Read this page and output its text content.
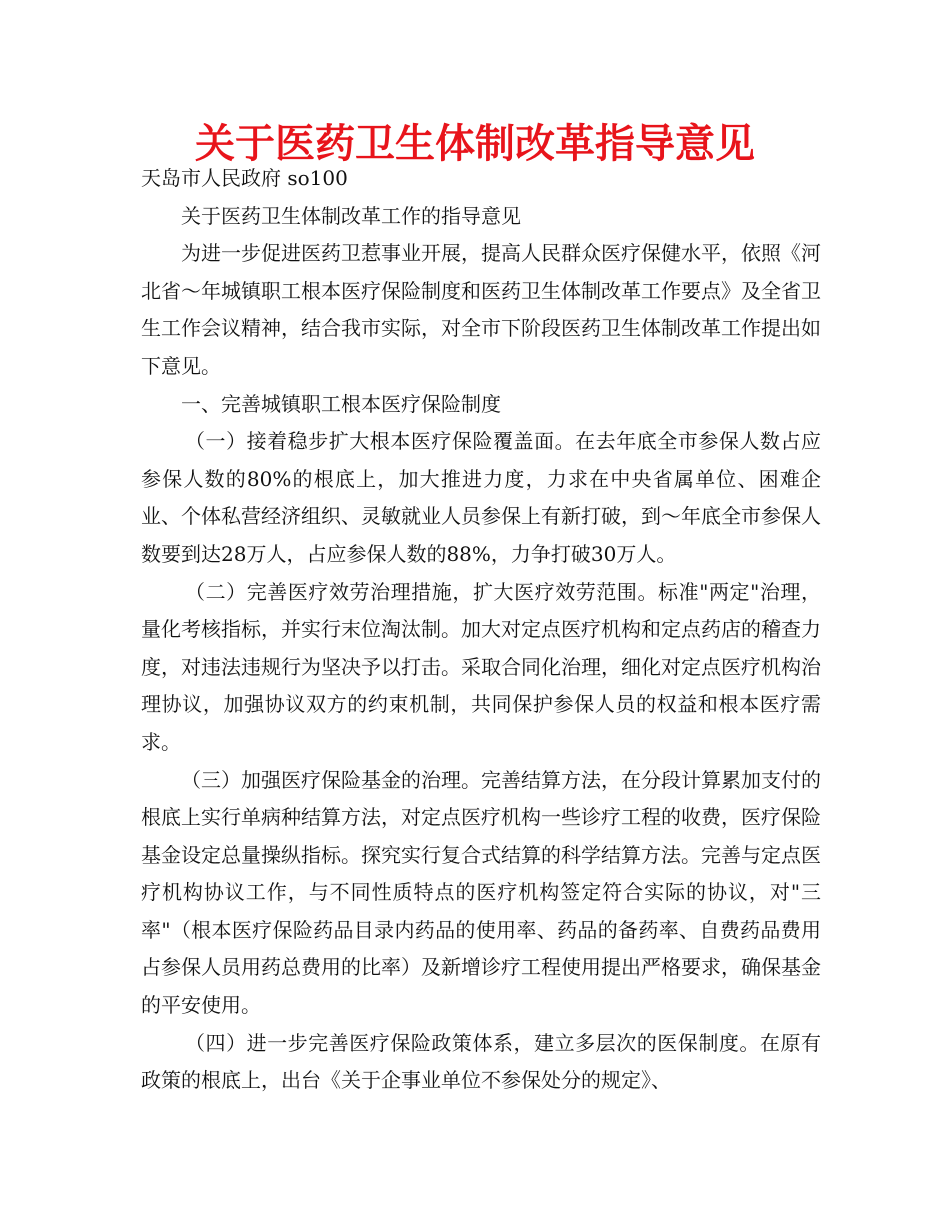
关于医药卫生体制改革指导意见

天岛市人民政府 so100

关于医药卫生体制改革工作的指导意见

为进一步促进医药卫惹事业开展，提高人民群众医疗保健水平，依照《河北省～年城镇职工根本医疗保险制度和医药卫生体制改革工作要点》及全省卫生工作会议精神，结合我市实际，对全市下阶段医药卫生体制改革工作提出如下意见。

一、完善城镇职工根本医疗保险制度

（一）接着稳步扩大根本医疗保险覆盖面。在去年底全市参保人数占应参保人数的80%的根底上，加大推进力度，力求在中央省属单位、困难企业、个体私营经济组织、灵敏就业人员参保上有新打破，到～年底全市参保人数要到达28万人，占应参保人数的88%，力争打破30万人。

（二）完善医疗效劳治理措施，扩大医疗效劳范围。标准"两定"治理，量化考核指标，并实行末位淘汰制。加大对定点医疗机构和定点药店的稽查力度，对违法违规行为坚决予以打击。采取合同化治理，细化对定点医疗机构治理协议，加强协议双方的约束机制，共同保护参保人员的权益和根本医疗需求。

（三）加强医疗保险基金的治理。完善结算方法，在分段计算累加支付的根底上实行单病种结算方法，对定点医疗机构一些诊疗工程的收费，医疗保险基金设定总量操纵指标。探究实行复合式结算的科学结算方法。完善与定点医疗机构协议工作，与不同性质特点的医疗机构签定符合实际的协议，对"三率"（根本医疗保险药品目录内药品的使用率、药品的备药率、自费药品费用占参保人员用药总费用的比率）及新增诊疗工程使用提出严格要求，确保基金的平安使用。

（四）进一步完善医疗保险政策体系，建立多层次的医保制度。在原有政策的根底上，出台《关于企事业单位不参保处分的规定》、
